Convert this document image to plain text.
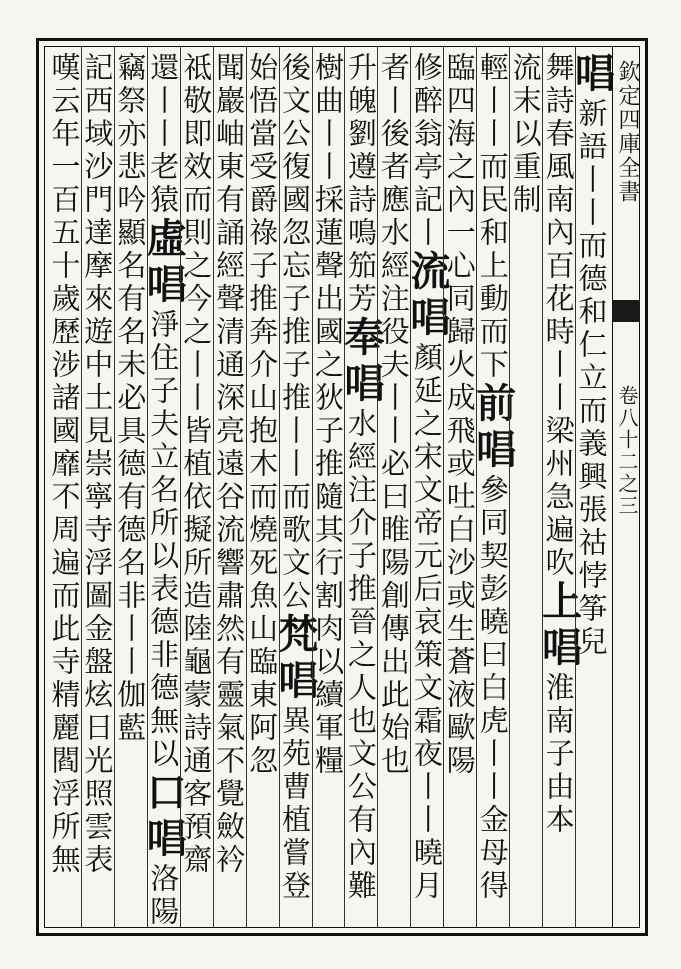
欽定四庫全書
卷八十二之三
唱新語丨丨而德和仁立而義興張祜悖筝兒
舞詩春風南內百花時丨丨梁州急遍吹上唱淮南子由本
流末以重制
輕丨丨而民和上動而下前唱參同契彭曉曰白虎丨丨金母得
臨四海之內一心同歸火成飛或吐白沙或生蒼液歐陽
修醉翁亭記丨流唱顏延之宋文帝元后哀策文霜夜丨丨曉月
者丨後者應水經注役夫丨丨必曰睢陽創傳出此始也
升魄劉遵詩鳴笳芳奉唱水經注介子推晉之人也文公有內難
樹曲丨丨採蓮聲出國之狄子推隨其行割肉以續軍糧
後文公復國忽忘子推子推丨丨而歌文公梵唱異苑曹植嘗登
始悟當受爵祿子推奔介山抱木而燒死魚山臨東阿忽
聞巖岫東有誦經聲清通深亮遠谷流響肅然有靈氣不覺斂衿
祗敬即效而則之今之丨丨皆植依擬所造陸龜蒙詩通客預齋
還丨丨老猿虛唱淨住子夫立名所以表德非德無以口唱洛陽
竊祭亦悲吟顯名有名未必具德有德名非丨丨伽藍
記西域沙門達摩來遊中土見崇寧寺浮圖金盤炫日光照雲表
嘆云年一百五十歲歷涉諸國靡不周遍而此寺精麗閻浮所無
